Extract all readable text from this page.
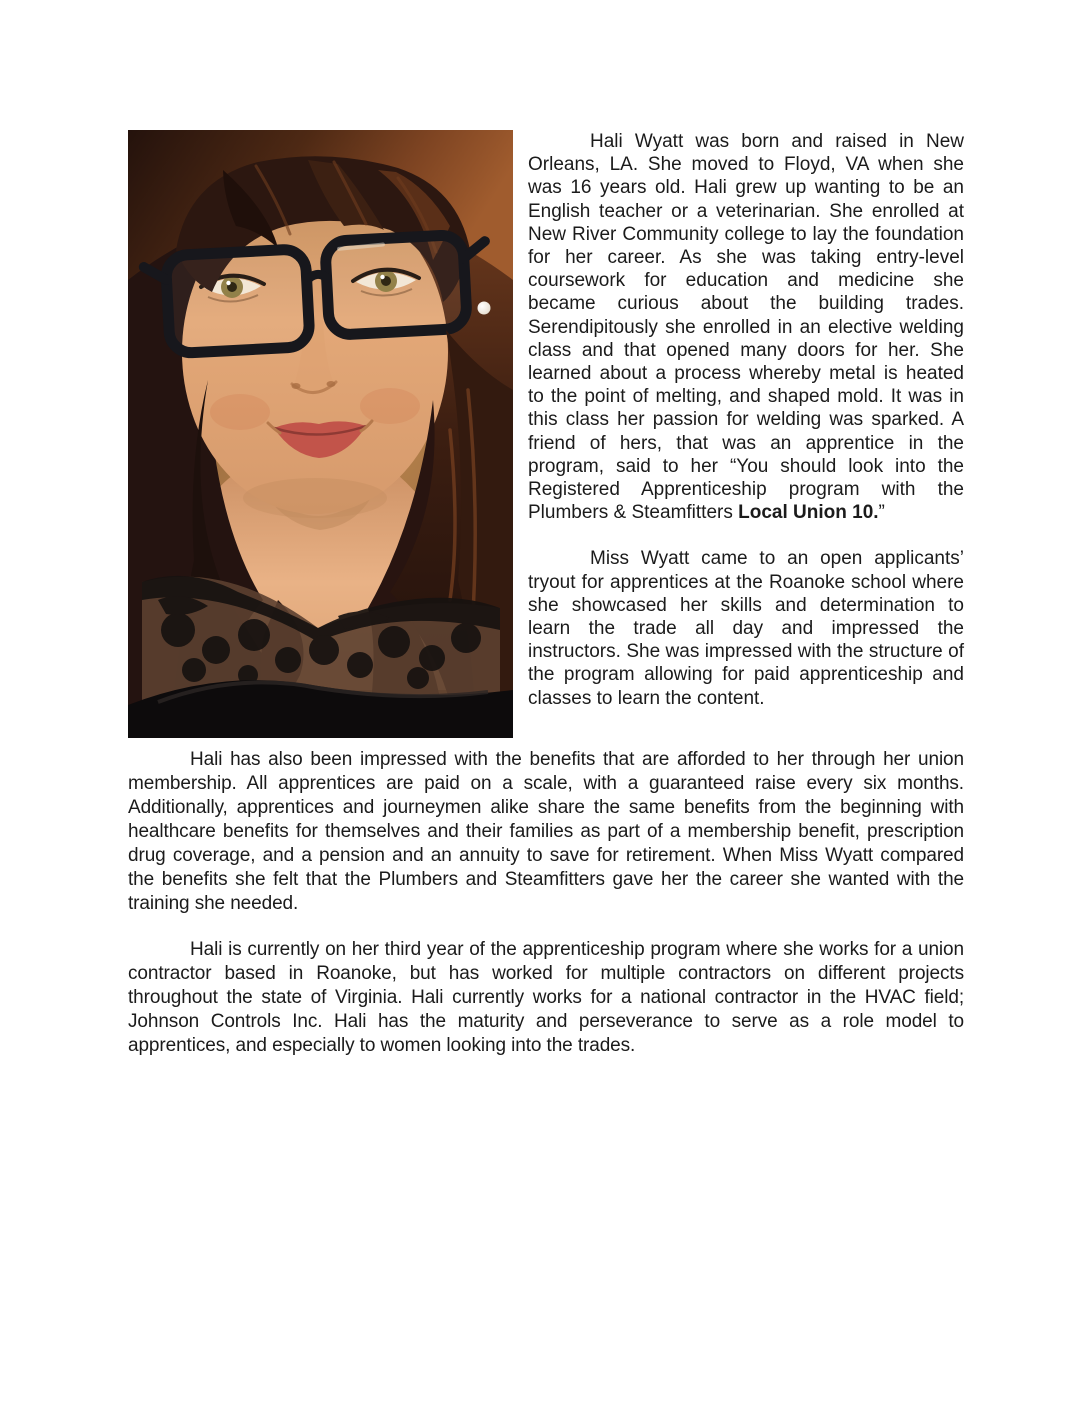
Hali Wyatt was born and raised in New Orleans, LA. She moved to Floyd, VA when she was 16 years old. Hali grew up wanting to be an English teacher or a veterinarian. She enrolled at New River Community college to lay the foundation for her career. As she was taking entry-level coursework for education and medicine she became curious about the building trades. Serendipitously she enrolled in an elective welding class and that opened many doors for her. She learned about a process whereby metal is heated to the point of melting, and shaped mold. It was in this class her passion for welding was sparked. A friend of hers, that was an apprentice in the program, said to her “You should look into the Registered Apprenticeship program with the Plumbers & Steamfitters Local Union 10.”

Miss Wyatt came to an open applicants’ tryout for apprentices at the Roanoke school where she showcased her skills and determination to learn the trade all day and impressed the instructors. She was impressed with the structure of the program allowing for paid apprenticeship and classes to learn the content.

Hali has also been impressed with the benefits that are afforded to her through her union membership. All apprentices are paid on a scale, with a guaranteed raise every six months. Additionally, apprentices and journeymen alike share the same benefits from the beginning with healthcare benefits for themselves and their families as part of a membership benefit, prescription drug coverage, and a pension and an annuity to save for retirement. When Miss Wyatt compared the benefits she felt that the Plumbers and Steamfitters gave her the career she wanted with the training she needed.

Hali is currently on her third year of the apprenticeship program where she works for a union contractor based in Roanoke, but has worked for multiple contractors on different projects throughout the state of Virginia. Hali currently works for a national contractor in the HVAC field; Johnson Controls Inc. Hali has the maturity and perseverance to serve as a role model to apprentices, and especially to women looking into the trades.
